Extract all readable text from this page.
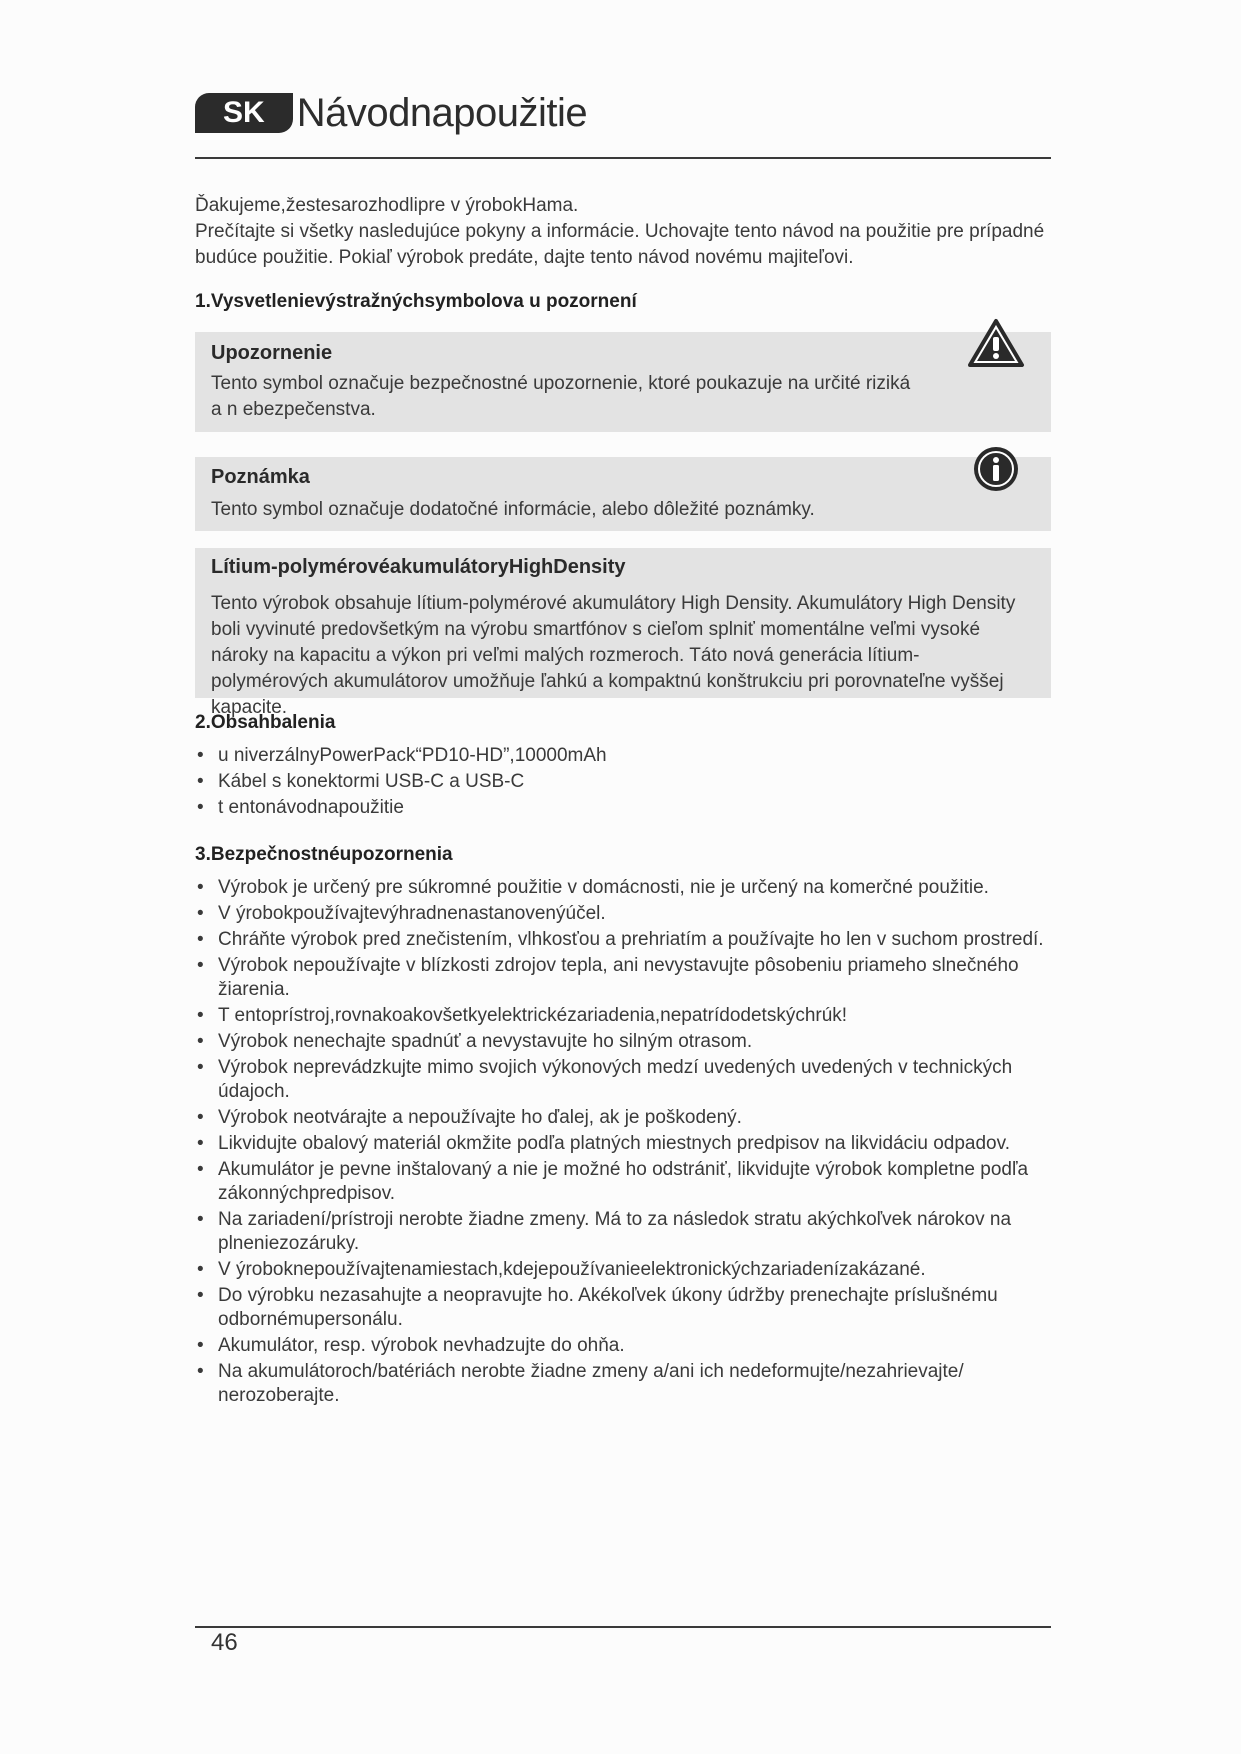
SK Návodnapoužitie

Ďakujeme,žestesarozhodlipre v ýrobokHama.

Prečítajte si všetky nasledujúce pokyny a informácie. Uchovajte tento návod na použitie pre prípadné budúce použitie. Pokiaľ výrobok predáte, dajte tento návod novému majiteľovi.

1.Vysvetlenievýstražnýchsymbolova u pozornení

Upozornenie

Tento symbol označuje bezpečnostné upozornenie, ktoré poukazuje na určité riziká a n ebezpečenstva.

Poznámka

Tento symbol označuje dodatočné informácie, alebo dôležité poznámky.

Lítium-polymérovéakumulátoryHighDensity

Tento výrobok obsahuje lítium-polymérové akumulátory High Density. Akumulátory High Density boli vyvinuté predovšetkým na výrobu smartfónov s cieľom splniť momentálne veľmi vysoké nároky na kapacitu a výkon pri veľmi malých rozmeroch. Táto nová generácia lítium-polymérových akumulátorov umožňuje ľahkú a kompaktnú konštrukciu pri porovnateľne vyššej kapacite.

2.Obsahbalenia
• u niverzálnyPowerPack“PD10-HD”,10000mAh
• Kábel s konektormi USB-C a USB-C
• t entonávodnapoužitie
3.Bezpečnostnéupozornenia
• Výrobok je určený pre súkromné použitie v domácnosti, nie je určený na komerčné použitie.
• V ýrobokpoužívajtevýhradnenastanovenýúčel.
• Chráňte výrobok pred znečistením, vlhkosťou a prehriatím a používajte ho len v suchom prostredí.
• Výrobok nepoužívajte v blízkosti zdrojov tepla, ani nevystavujte pôsobeniu priameho slnečného žiarenia.
• T entoprístroj,rovnakoakovšetkyelektrickézariadenia,nepatrídodetskýchrúk!
• Výrobok nenechajte spadnúť a nevystavujte ho silným otrasom.
• Výrobok neprevádzkujte mimo svojich výkonových medzí uvedených uvedených v technických údajoch.
• Výrobok neotvárajte a nepoužívajte ho ďalej, ak je poškodený.
• Likvidujte obalový materiál okmžite podľa platných miestnych predpisov na likvidáciu odpadov.
• Akumulátor je pevne inštalovaný a nie je možné ho odstrániť, likvidujte výrobok kompletne podľa zákonnýchpredpisov.
• Na zariadení/prístroji nerobte žiadne zmeny. Má to za následok stratu akýchkoľvek nárokov na plneniezozáruky.
• V ýrobokneрoužívajtenamiestach,kdejepoužívanieelektronickýchzariadenízakázané.
• Do výrobku nezasahujte a neopravujte ho. Akékoľvek úkony údržby prenechajte príslušnému odbornémupersonálu.
• Akumulátor, resp. výrobok nevhadzujte do ohňa.
• Na akumulátoroch/batériách nerobte žiadne zmeny a/ani ich nedeformujte/nezahrievajte/ nerozoberajte.
46
